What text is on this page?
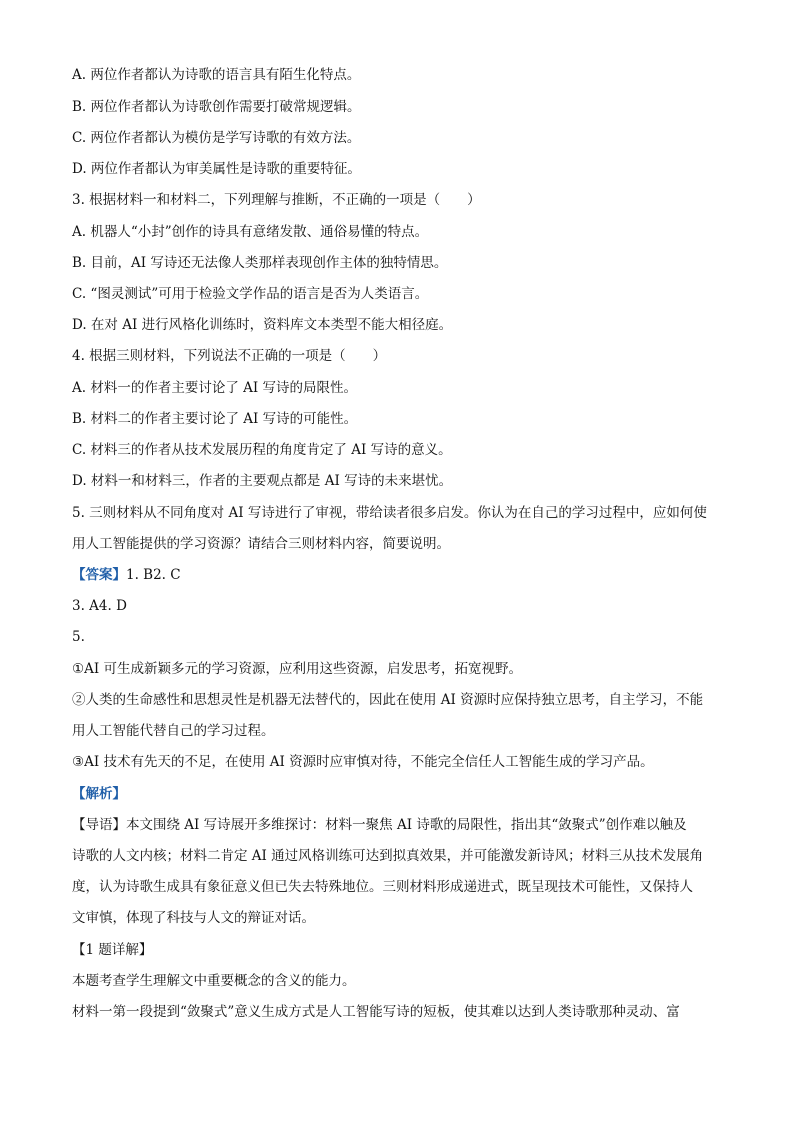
A. 两位作者都认为诗歌的语言具有陌生化特点。
B. 两位作者都认为诗歌创作需要打破常规逻辑。
C. 两位作者都认为模仿是学写诗歌的有效方法。
D. 两位作者都认为审美属性是诗歌的重要特征。
3. 根据材料一和材料二，下列理解与推断，不正确的一项是（　　）
A. 机器人“小封”创作的诗具有意绪发散、通俗易懂的特点。
B. 目前，AI 写诗还无法像人类那样表现创作主体的独特情思。
C. “图灵测试”可用于检验文学作品的语言是否为人类语言。
D. 在对 AI 进行风格化训练时，资料库文本类型不能大相径庭。
4. 根据三则材料，下列说法不正确的一项是（　　）
A. 材料一的作者主要讨论了 AI 写诗的局限性。
B. 材料二的作者主要讨论了 AI 写诗的可能性。
C. 材料三的作者从技术发展历程的角度肯定了 AI 写诗的意义。
D. 材料一和材料三，作者的主要观点都是 AI 写诗的未来堪忧。
5. 三则材料从不同角度对 AI 写诗进行了审视，带给读者很多启发。你认为在自己的学习过程中，应如何使
用人工智能提供的学习资源？请结合三则材料内容，简要说明。
【答案】1. B2. C
3. A4. D
5.
①AI 可生成新颖多元的学习资源，应利用这些资源，启发思考，拓宽视野。
②人类的生命感性和思想灵性是机器无法替代的，因此在使用 AI 资源时应保持独立思考，自主学习，不能
用人工智能代替自己的学习过程。
③AI 技术有先天的不足，在使用 AI 资源时应审慎对待，不能完全信任人工智能生成的学习产品。
【解析】
【导语】本文围绕 AI 写诗展开多维探讨：材料一聚焦 AI 诗歌的局限性，指出其“敛聚式”创作难以触及
诗歌的人文内核；材料二肯定 AI 通过风格训练可达到拟真效果，并可能激发新诗风；材料三从技术发展角
度，认为诗歌生成具有象征意义但已失去特殊地位。三则材料形成递进式，既呈现技术可能性，又保持人
文审慎，体现了科技与人文的辩证对话。
【1 题详解】
本题考查学生理解文中重要概念的含义的能力。
材料一第一段提到“敛聚式”意义生成方式是人工智能写诗的短板，使其难以达到人类诗歌那种灵动、富
